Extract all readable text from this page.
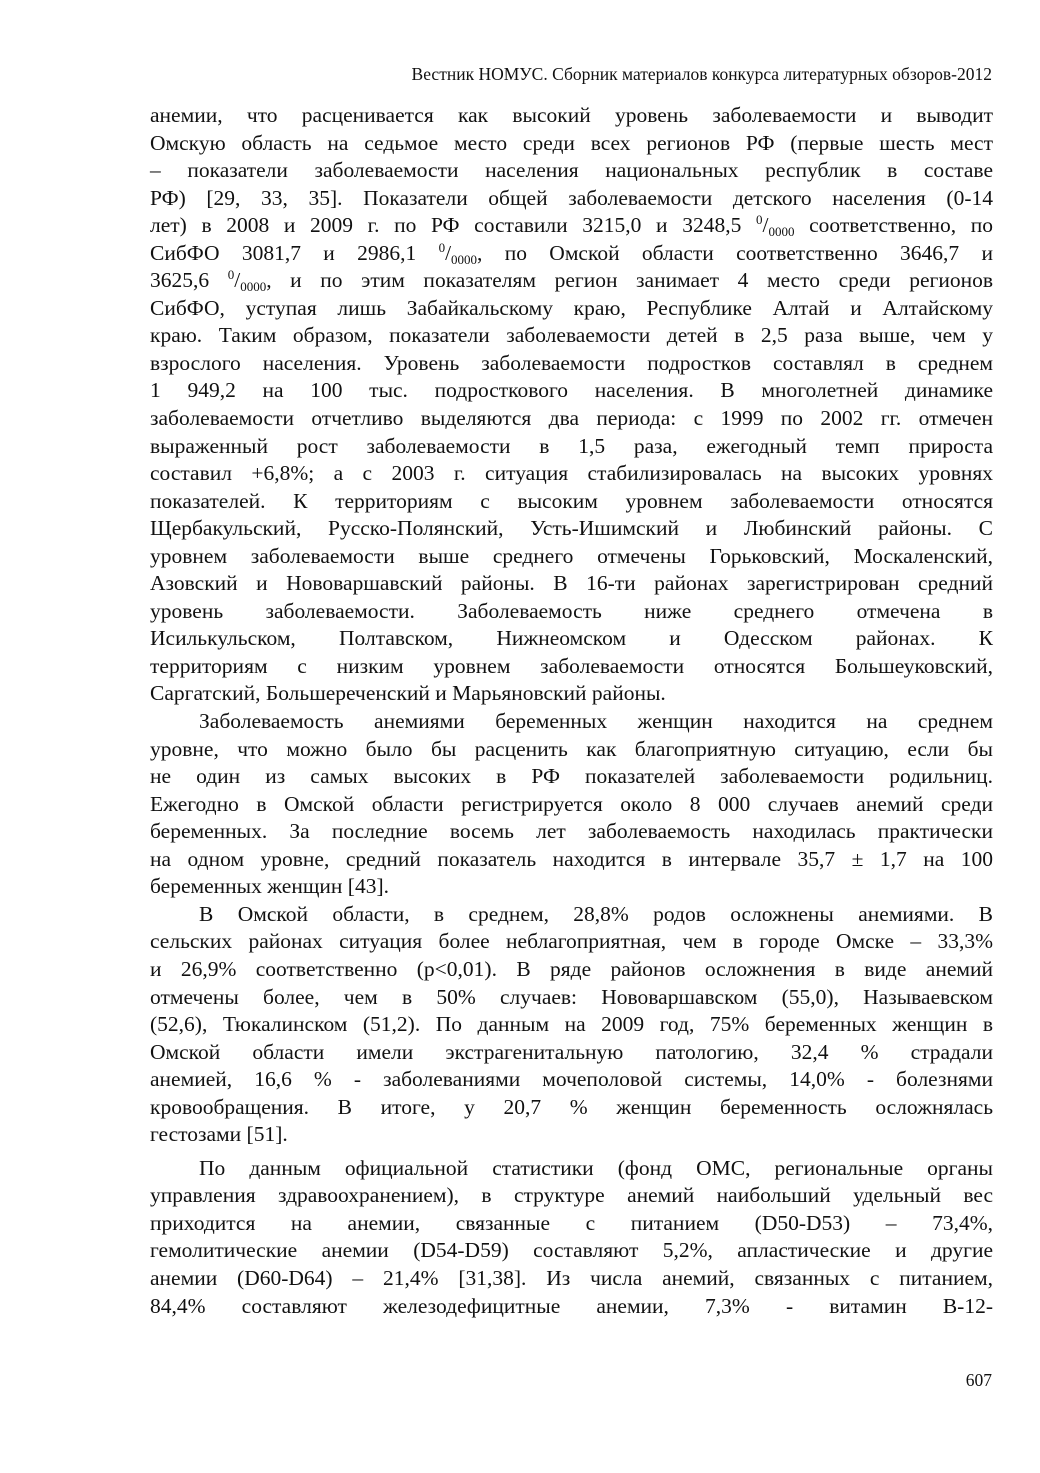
Вестник НОМУС. Сборник материалов конкурса литературных обзоров-2012
анемии, что расценивается как высокий уровень заболеваемости и выводит
Омскую область на седьмое место среди всех регионов РФ (первые шесть мест
– показатели заболеваемости населения национальных республик в составе
РФ) [29, 33, 35]. Показатели общей заболеваемости детского населения (0-14
лет) в 2008 и 2009 г. по РФ составили 3215,0 и 3248,5 $^0/_{0000}$ соответственно, по
СибФО 3081,7 и 2986,1 $^0/_{0000}$, по Омской области соответственно 3646,7 и
3625,6 $^0/_{0000}$, и по этим показателям регион занимает 4 место среди регионов
СибФО, уступая лишь Забайкальскому краю, Республике Алтай и Алтайскому
краю. Таким образом, показатели заболеваемости детей в 2,5 раза выше, чем у
взрослого населения. Уровень заболеваемости подростков составлял в среднем
1 949,2 на 100 тыс. подросткового населения. В многолетней динамике
заболеваемости отчетливо выделяются два периода: с 1999 по 2002 гг. отмечен
выраженный рост заболеваемости в 1,5 раза, ежегодный темп прироста
составил +6,8%; а с 2003 г. ситуация стабилизировалась на высоких уровнях
показателей. К территориям с высоким уровнем заболеваемости относятся
Щербакульский, Русско-Полянский, Усть-Ишимский и Любинский районы. С
уровнем заболеваемости выше среднего отмечены Горьковский, Москаленский,
Азовский и Нововаршавский районы. В 16-ти районах зарегистрирован средний
уровень заболеваемости. Заболеваемость ниже среднего отмечена в
Исилькульском, Полтавском, Нижнеомском и Одесском районах. К
территориям с низким уровнем заболеваемости относятся Большеуковский,
Саргатский, Большереченский и Марьяновский районы.
Заболеваемость анемиями беременных женщин находится на среднем
уровне, что можно было бы расценить как благоприятную ситуацию, если бы
не один из самых высоких в РФ показателей заболеваемости родильниц.
Ежегодно в Омской области регистрируется около 8 000 случаев анемий среди
беременных. За последние восемь лет заболеваемость находилась практически
на одном уровне, средний показатель находится в интервале 35,7 ± 1,7 на 100
беременных женщин [43].
В Омской области, в среднем, 28,8% родов осложнены анемиями. В
сельских районах ситуация более неблагоприятная, чем в городе Омске – 33,3%
и 26,9% соответственно (р<0,01). В ряде районов осложнения в виде анемий
отмечены более, чем в 50% случаев: Нововаршавском (55,0), Называевском
(52,6), Тюкалинском (51,2). По данным на 2009 год, 75% беременных женщин в
Омской области имели экстрагенитальную патологию, 32,4 % страдали
анемией, 16,6 % - заболеваниями мочеполовой системы, 14,0% - болезнями
кровообращения. В итоге, у 20,7 % женщин беременность осложнялась
гестозами [51].
По данным официальной статистики (фонд ОМС, региональные органы
управления здравоохранением), в структуре анемий наибольший удельный вес
приходится на анемии, связанные с питанием (D50-D53) – 73,4%,
гемолитические анемии (D54-D59) составляют 5,2%, апластические и другие
анемии (D60-D64) – 21,4% [31,38]. Из числа анемий, связанных с питанием,
84,4% составляют железодефицитные анемии, 7,3% - витамин В-12-
607
